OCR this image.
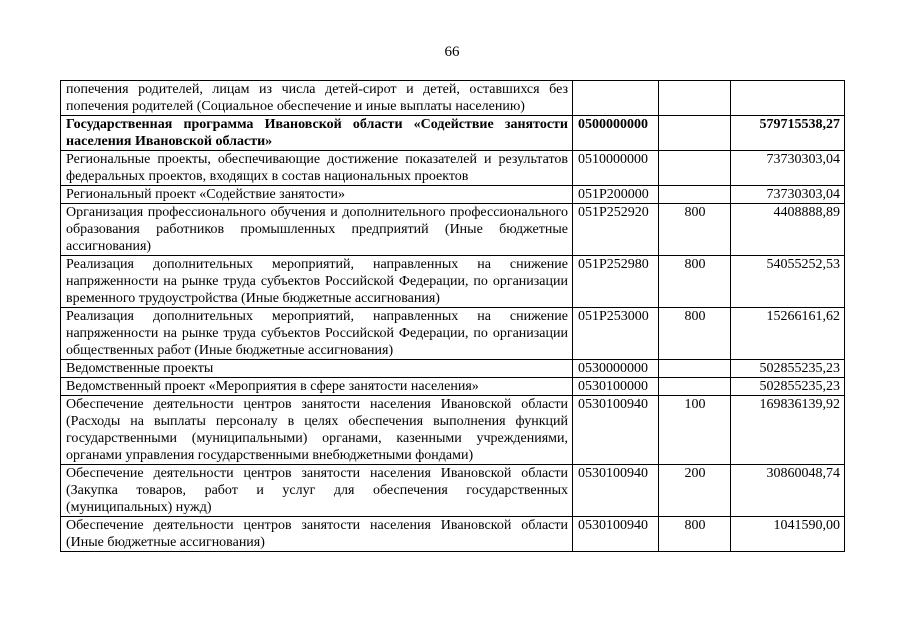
66
попечения родителей, лицам из числа детей-сирот и детей, оставшихся без попечения родителей (Социальное обеспечение и иные выплаты населению)			
Государственная программа Ивановской области «Содействие занятости населения Ивановской области»	0500000000		579715538,27
Региональные проекты, обеспечивающие достижение показателей и результатов федеральных проектов, входящих в состав национальных проектов	0510000000		73730303,04
Региональный проект «Содействие занятости»	051P200000		73730303,04
Организация профессионального обучения и дополнительного профессионального образования работников промышленных предприятий (Иные бюджетные ассигнования)	051P252920	800	4408888,89
Реализация дополнительных мероприятий, направленных на снижение напряженности на рынке труда субъектов Российской Федерации, по организации временного трудоустройства (Иные бюджетные ассигнования)	051P252980	800	54055252,53
Реализация дополнительных мероприятий, направленных на снижение напряженности на рынке труда субъектов Российской Федерации, по организации общественных работ (Иные бюджетные ассигнования)	051P253000	800	15266161,62
Ведомственные проекты	0530000000		502855235,23
Ведомственный проект «Мероприятия в сфере занятости населения»	0530100000		502855235,23
Обеспечение деятельности центров занятости населения Ивановской области (Расходы на выплаты персоналу в целях обеспечения выполнения функций государственными (муниципальными) органами, казенными учреждениями, органами управления государственными внебюджетными фондами)	0530100940	100	169836139,92
Обеспечение деятельности центров занятости населения Ивановской области (Закупка товаров, работ и услуг для обеспечения государственных (муниципальных) нужд)	0530100940	200	30860048,74
Обеспечение деятельности центров занятости населения Ивановской области (Иные бюджетные ассигнования)	0530100940	800	1041590,00
